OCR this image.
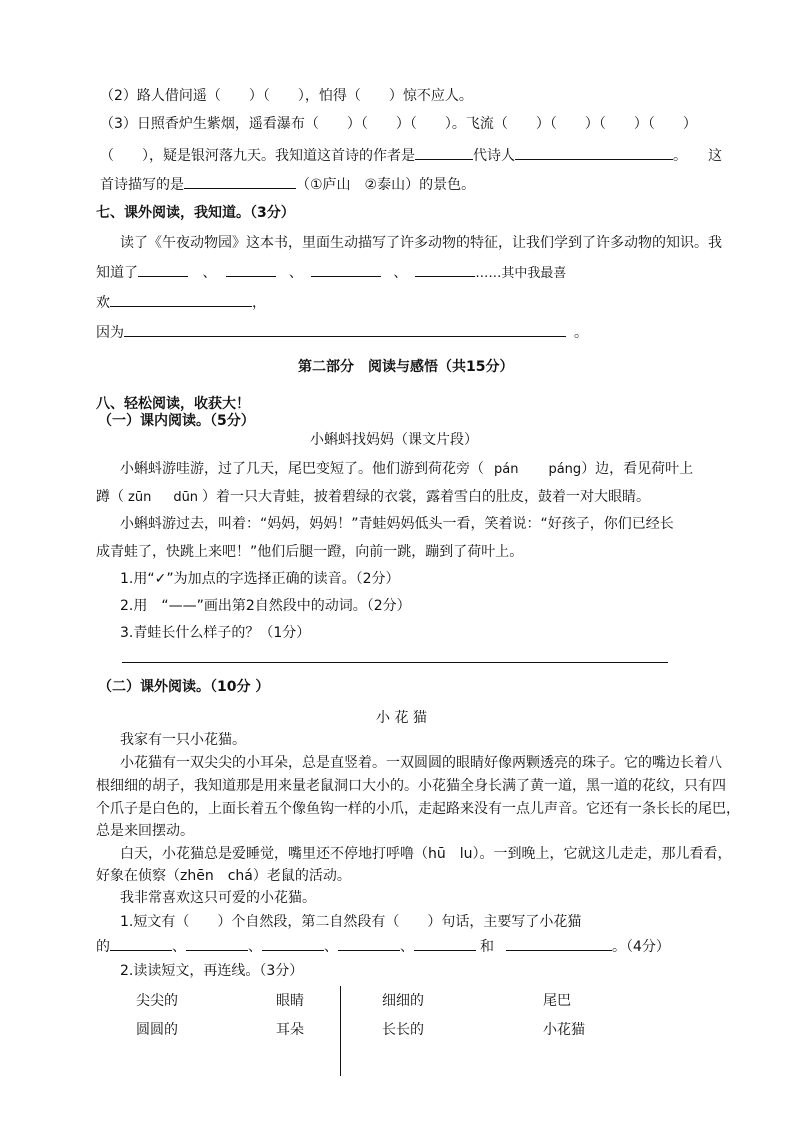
（2）路人借问遥（　　）（　　），怕得（　　）惊不应人。
（3）日照香炉生紫烟，遥看瀑布（　　）（　　）（　　）。飞流（　　）（　　）（　　）（　　）
（　　），疑是银河落九天。我知道这首诗的作者是	代诗人	。　　这
首诗描写的是	（①庐山　②泰山）的景色。
七、课外阅读，我知道。（3分）
读了《午夜动物园》这本书，里面生动描写了许多动物的特征，让我们学到了许多动物的知识。我
知道了	、	、	、	……其中我最喜
欢	，
因为	。
第二部分　阅读与感悟（共15分）
八、轻松阅读，收获大！
（一）课内阅读。（5分）
小蝌蚪找妈妈（课文片段）
小蝌蚪游哇游，过了几天，尾巴变短了。他们游到荷花旁（ pán páng）边，看见荷叶上
蹲（ zūn dūn ）着一只大青蛙，披着碧绿的衣裳，露着雪白的肚皮，鼓着一对大眼睛。
小蝌蚪游过去，叫着：“妈妈，妈妈！”青蛙妈妈低头一看，笑着说：“好孩子，你们已经长
成青蛙了，快跳上来吧！”他们后腿一蹬，向前一跳，蹦到了荷叶上。
1.用“✓”为加点的字选择正确的读音。（2分）
2.用　“——”画出第2自然段中的动词。（2分）
3.青蛙长什么样子的？（1分）
（二）课外阅读。（10分 ）
小 花 猫
我家有一只小花猫。
小花猫有一双尖尖的小耳朵，总是直竖着。一双圆圆的眼睛好像两颗透亮的珠子。它的嘴边长着八
根细细的胡子，我知道那是用来量老鼠洞口大小的。小花猫全身长满了黄一道，黑一道的花纹，只有四
个爪子是白色的，上面长着五个像鱼钩一样的小爪，走起路来没有一点儿声音。它还有一条长长的尾巴，
总是来回摆动。
白天，小花猫总是爱睡觉，嘴里还不停地打呼噜（hū　lu）。一到晚上，它就这儿走走，那儿看看，
好象在侦察（zhēn　chá）老鼠的活动。
我非常喜欢这只可爱的小花猫。
1.短文有（　　）个自然段，第二自然段有（　　）句话，主要写了小花猫
的	、	、	、	、	和	。（4分）
2.读读短文，再连线。（3分）
尖尖的	眼睛	细细的	尾巴
圆圆的	耳朵	长长的	小花猫
